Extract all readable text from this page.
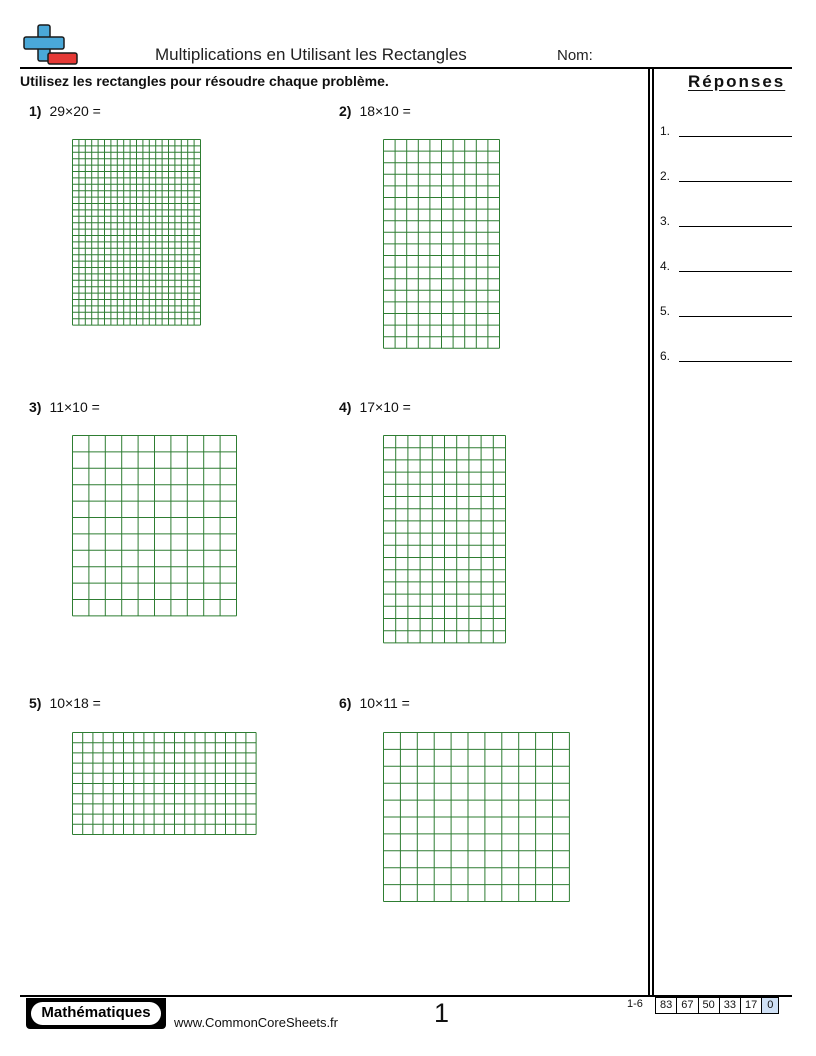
Multiplications en Utilisant les Rectangles	Nom:
Utilisez les rectangles pour résoudre chaque problème.
1) 29×20 =	2) 18×10 =
3) 11×10 =	4) 17×10 =
5) 10×18 =	6) 10×11 =
Réponses
1.
2.
3.
4.
5.
6.
Mathématiques
www.CommonCoreSheets.fr	1	1-6	83 67 50 33 17 0
